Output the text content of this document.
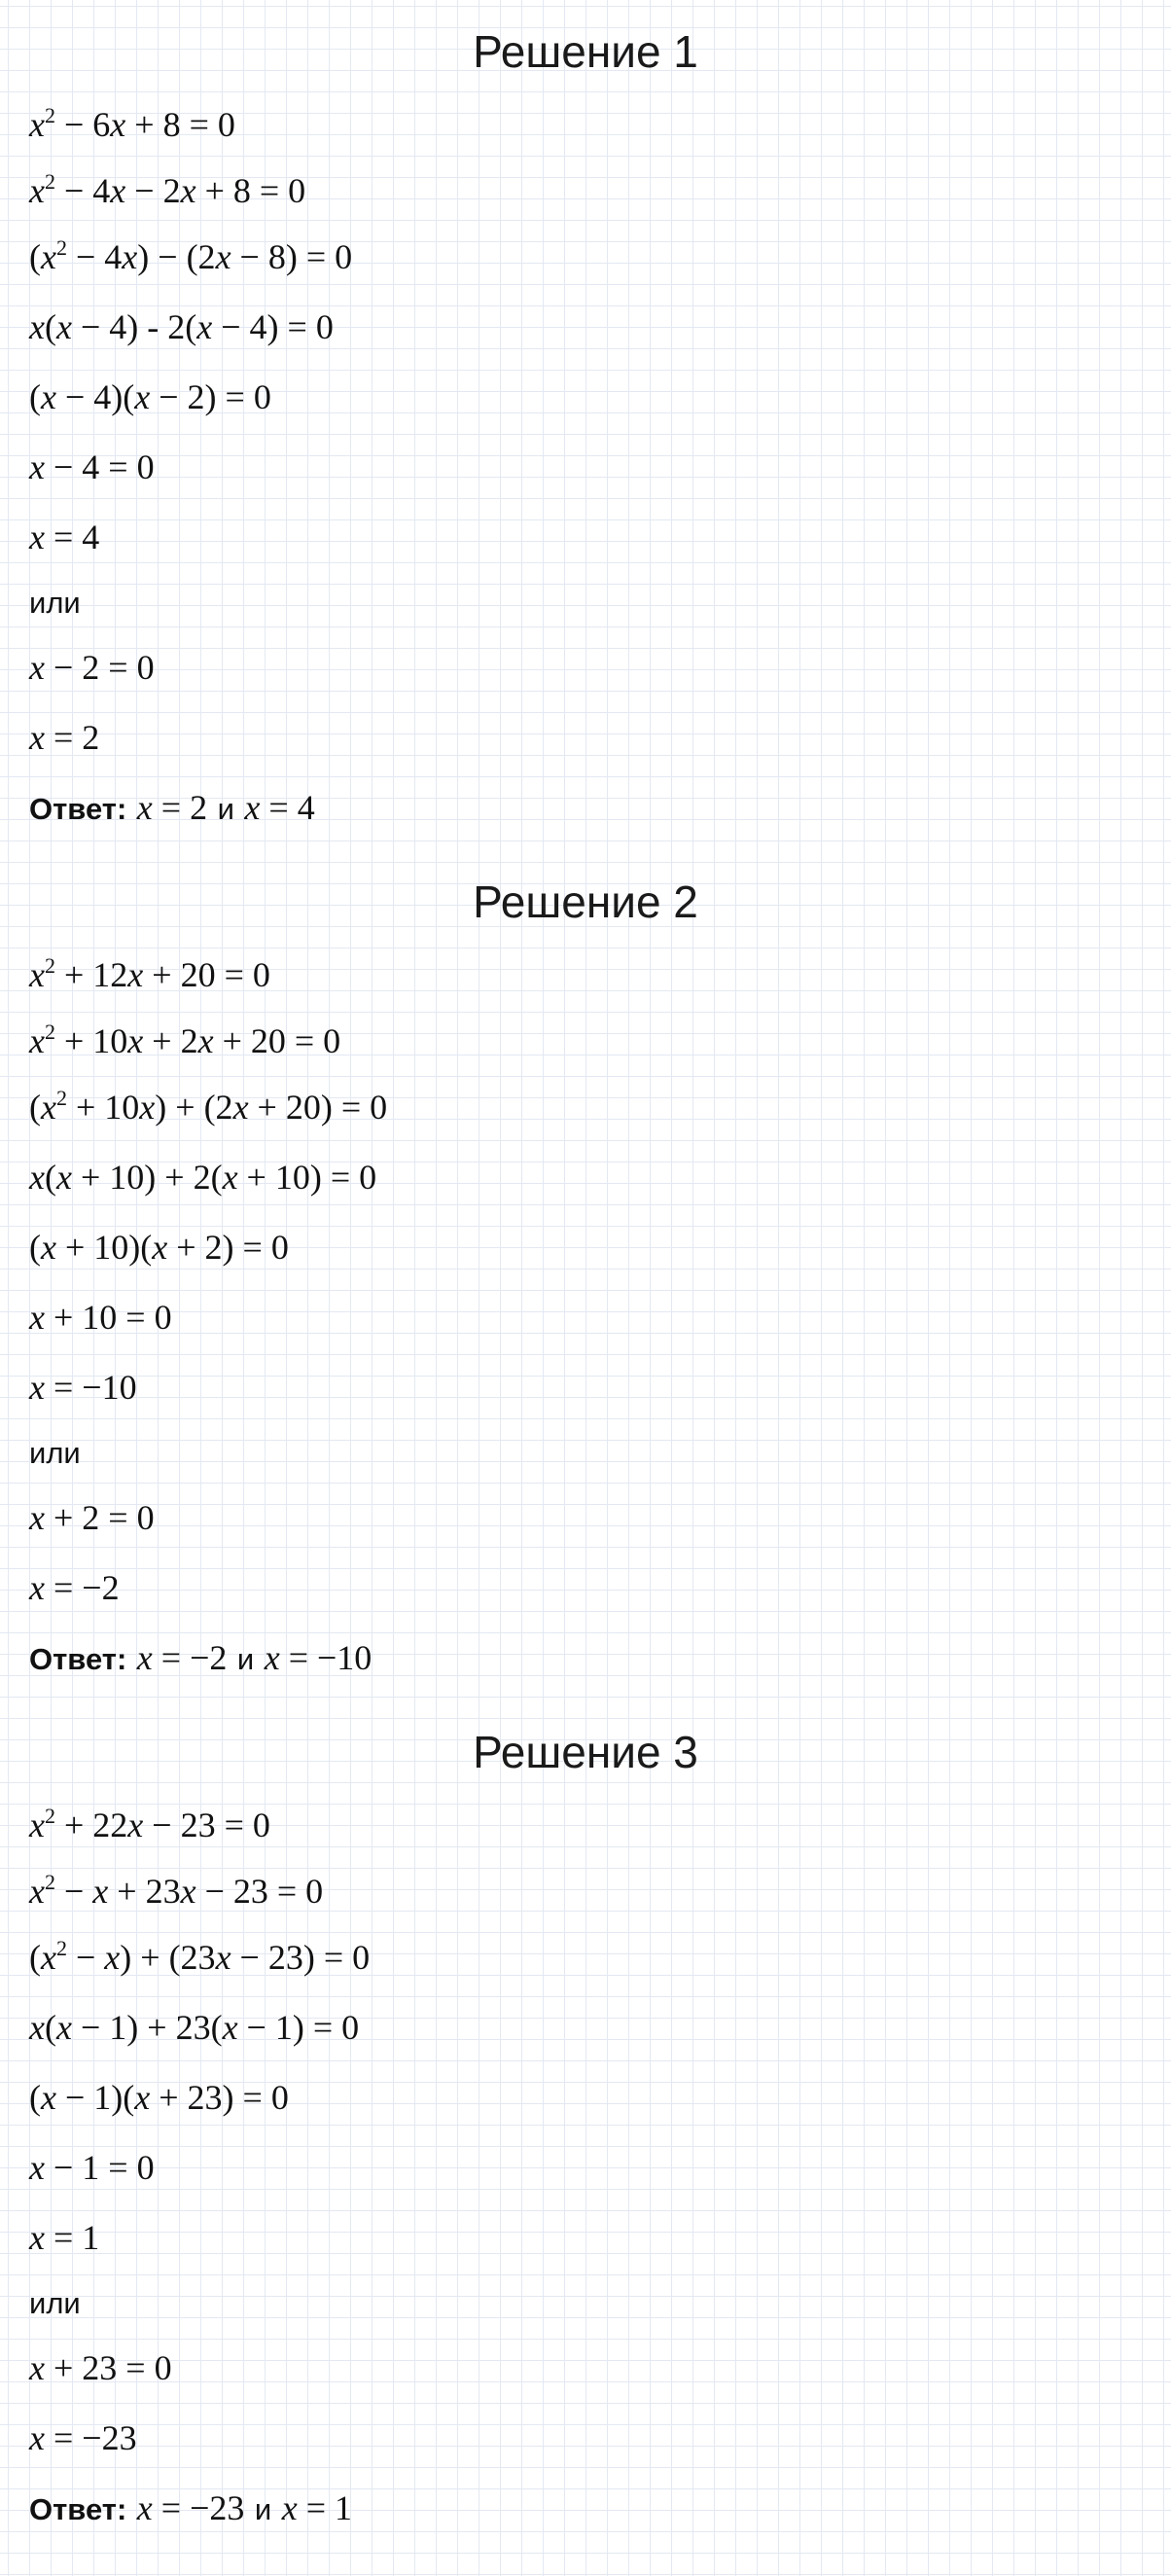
Решение 1
$x^2 - 6x + 8 = 0$
$x^2 - 4x - 2x + 8 = 0$
$(x^2 - 4x) - (2x - 8) = 0$
x(x − 4) - 2(x − 4) = 0
(x − 4)(x − 2) = 0
x − 4 = 0
x = 4
или
x − 2 = 0
x = 2
Ответ: x = 2 и x = 4
Решение 2
$x^2 + 12x + 20 = 0$
$x^2 + 10x + 2x + 20 = 0$
$(x^2 + 10x) + (2x + 20) = 0$
x(x + 10) + 2(x + 10) = 0
(x + 10)(x + 2) = 0
x + 10 = 0
x = −10
или
x + 2 = 0
x = −2
Ответ: x = −2 и x = −10
Решение 3
$x^2 + 22x - 23 = 0$
$x^2 - x + 23x - 23 = 0$
$(x^2 - x) + (23x - 23) = 0$
x(x − 1) + 23(x − 1) = 0
(x − 1)(x + 23) = 0
x − 1 = 0
x = 1
или
x + 23 = 0
x = −23
Ответ: x = −23 и x = 1
